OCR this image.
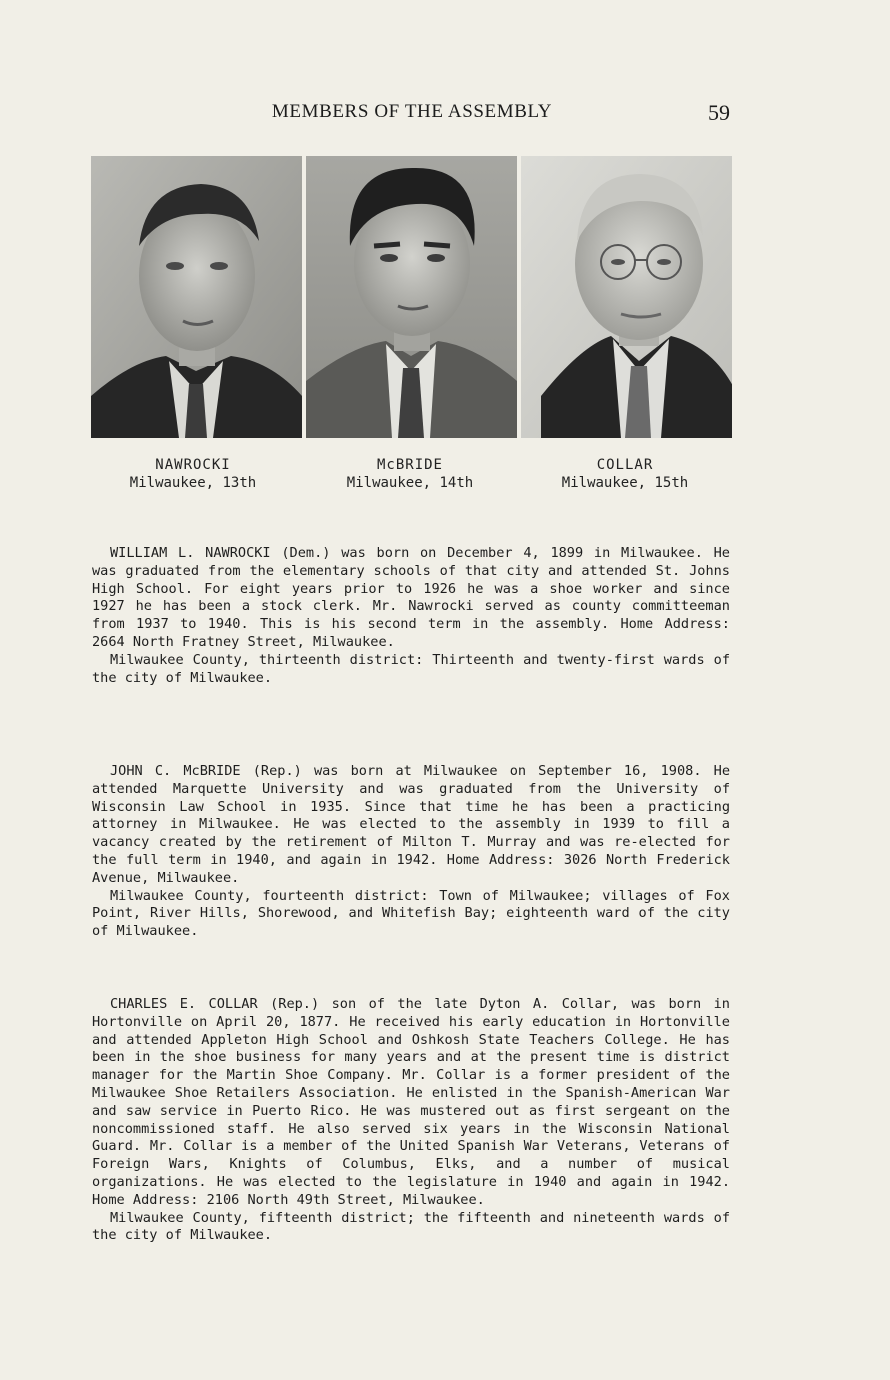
MEMBERS OF THE ASSEMBLY	59
NAWROCKI
Milwaukee, 13th
McBRIDE
Milwaukee, 14th
COLLAR
Milwaukee, 15th

WILLIAM L. NAWROCKI (Dem.) was born on December 4, 1899 in Milwaukee. He was graduated from the elementary schools of that city and attended St. Johns High School. For eight years prior to 1926 he was a shoe worker and since 1927 he has been a stock clerk. Mr. Nawrocki served as county committeeman from 1937 to 1940. This is his second term in the assembly. Home Address: 2664 North Fratney Street, Milwaukee.

Milwaukee County, thirteenth district: Thirteenth and twenty-first wards of the city of Milwaukee.

JOHN C. McBRIDE (Rep.) was born at Milwaukee on September 16, 1908. He attended Marquette University and was graduated from the University of Wisconsin Law School in 1935. Since that time he has been a practicing attorney in Milwaukee. He was elected to the assembly in 1939 to fill a vacancy created by the retirement of Milton T. Murray and was re-elected for the full term in 1940, and again in 1942. Home Address: 3026 North Frederick Avenue, Milwaukee.

Milwaukee County, fourteenth district: Town of Milwaukee; villages of Fox Point, River Hills, Shorewood, and Whitefish Bay; eighteenth ward of the city of Milwaukee.

CHARLES E. COLLAR (Rep.) son of the late Dyton A. Collar, was born in Hortonville on April 20, 1877. He received his early education in Hortonville and attended Appleton High School and Oshkosh State Teachers College. He has been in the shoe business for many years and at the present time is district manager for the Martin Shoe Company. Mr. Collar is a former president of the Milwaukee Shoe Retailers Association. He enlisted in the Spanish-American War and saw service in Puerto Rico. He was mustered out as first sergeant on the noncommissioned staff. He also served six years in the Wisconsin National Guard. Mr. Collar is a member of the United Spanish War Veterans, Veterans of Foreign Wars, Knights of Columbus, Elks, and a number of musical organizations. He was elected to the legislature in 1940 and again in 1942. Home Address: 2106 North 49th Street, Milwaukee.

Milwaukee County, fifteenth district; the fifteenth and nineteenth wards of the city of Milwaukee.
